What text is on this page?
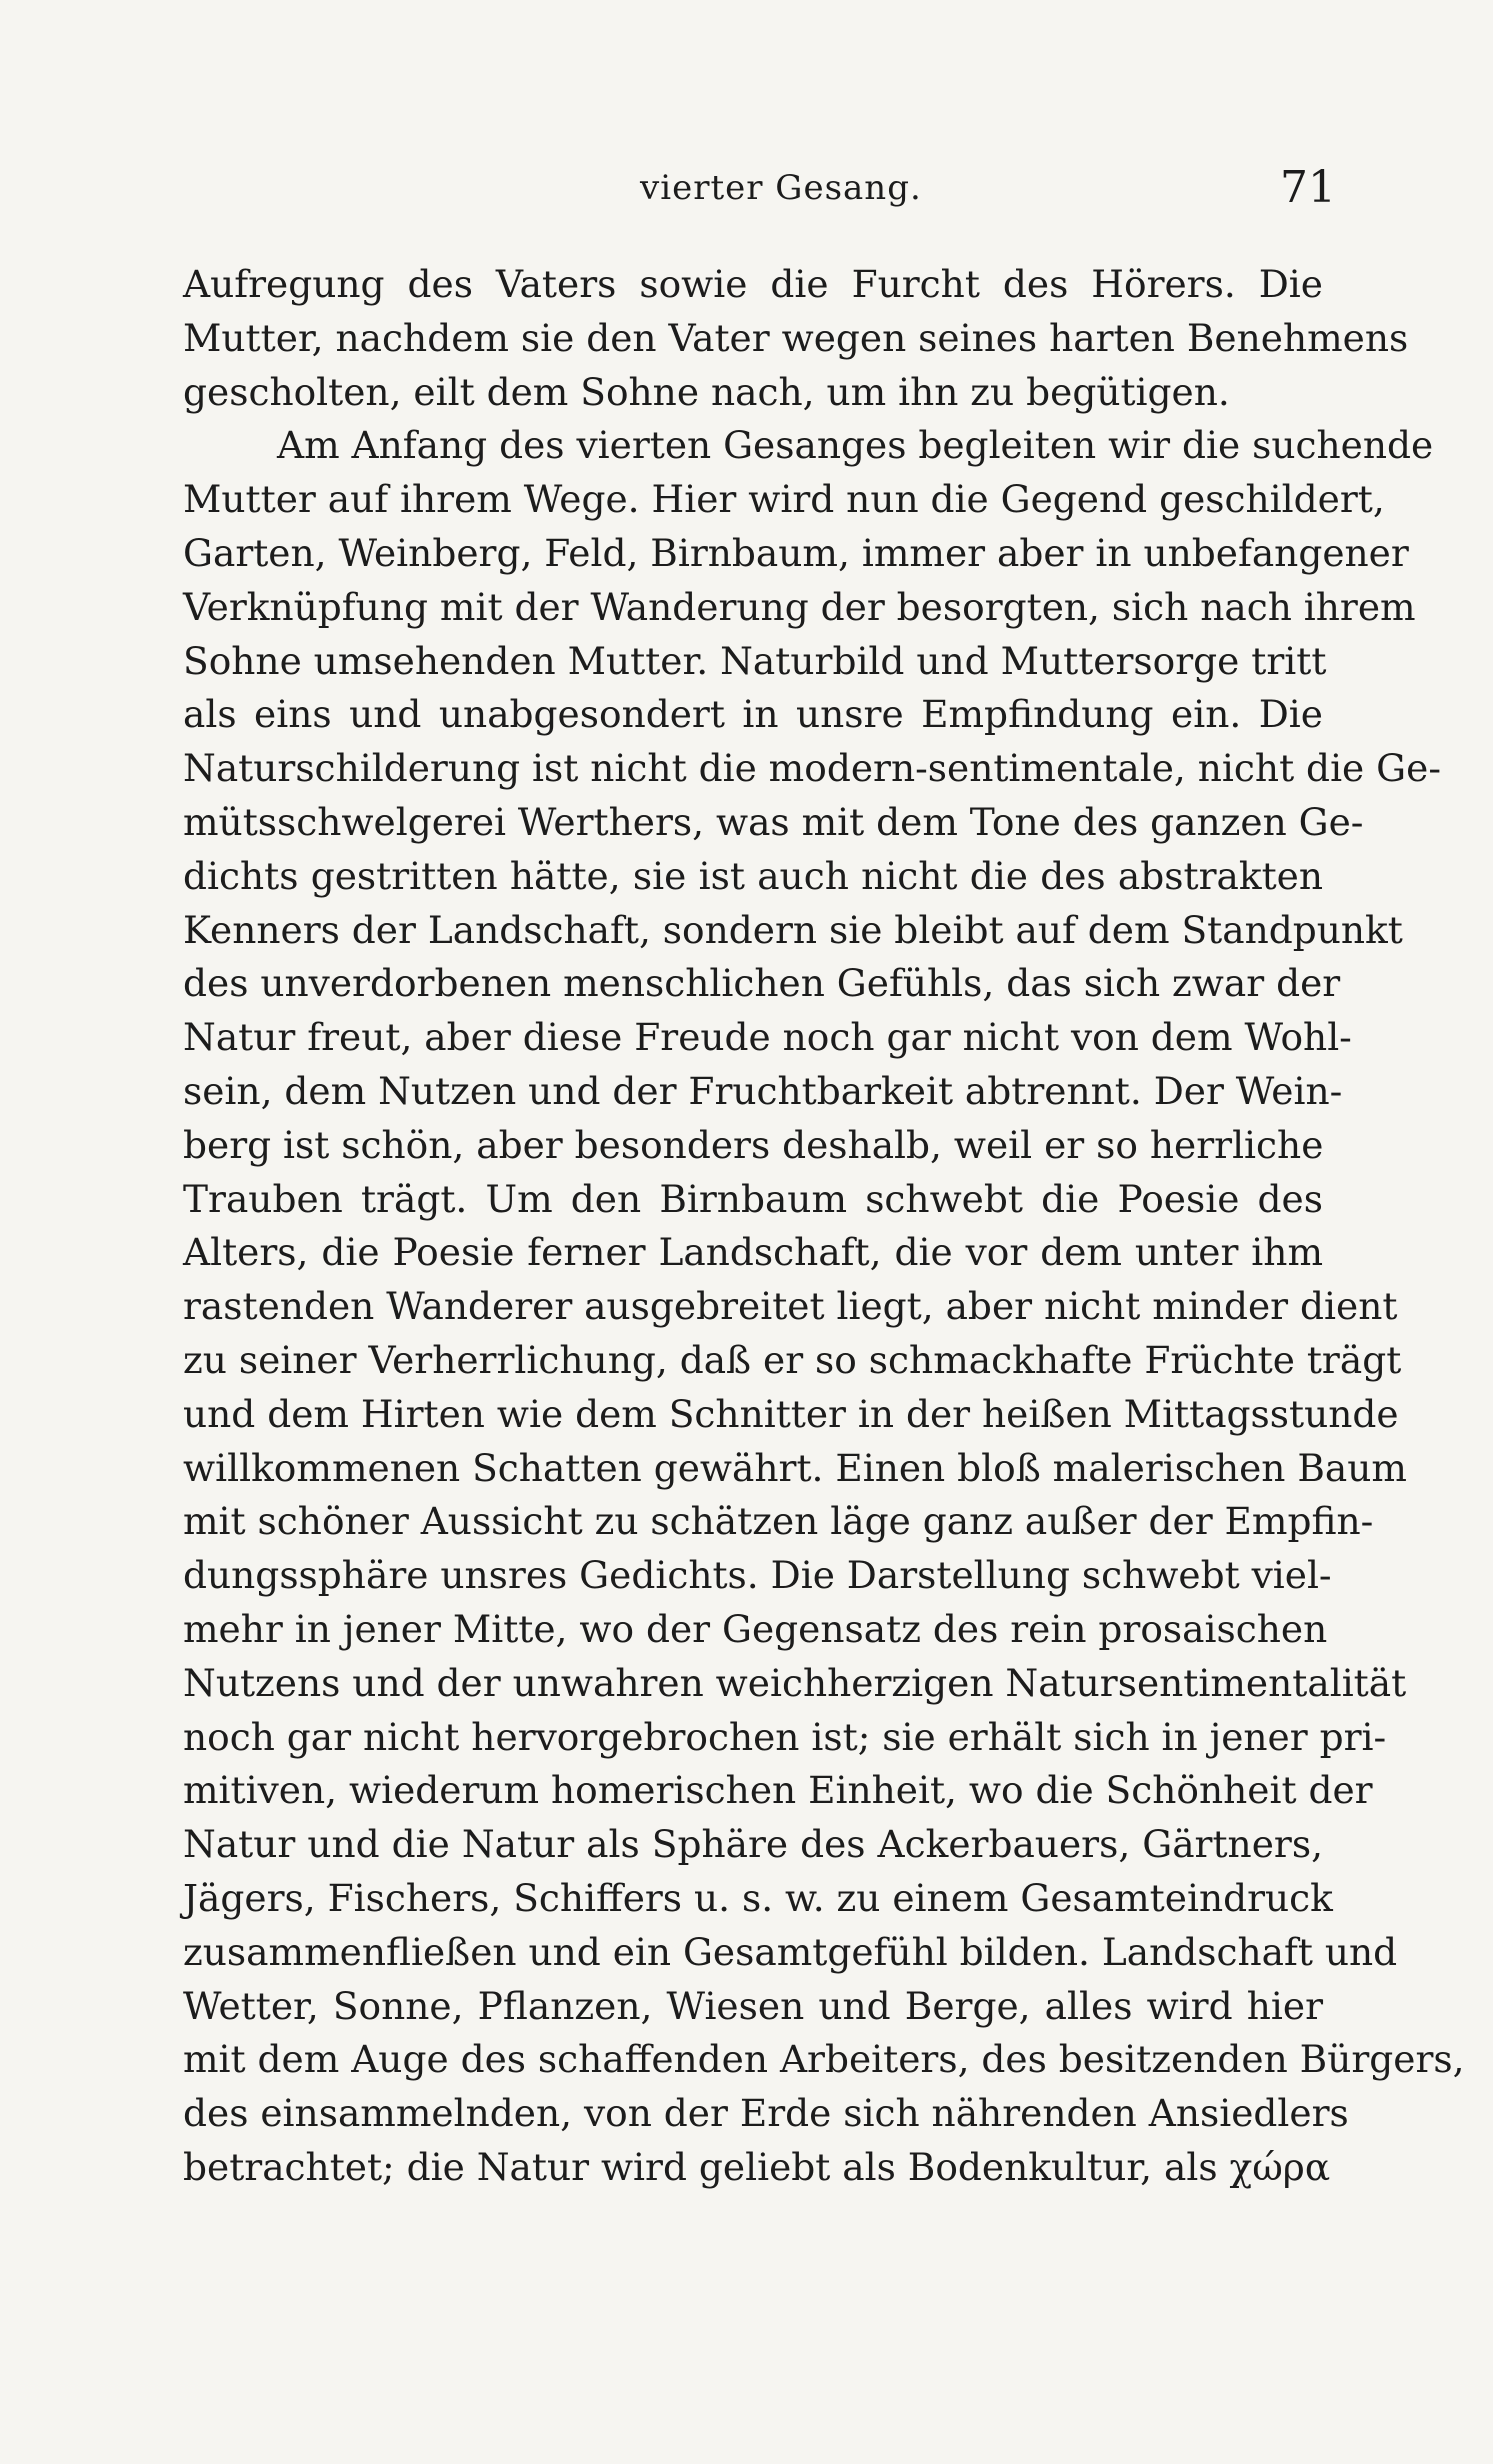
vierter Gesang.	71
Aufregung des Vaters sowie die Furcht des Hörers. Die
Mutter, nachdem sie den Vater wegen seines harten Benehmens
gescholten, eilt dem Sohne nach, um ihn zu begütigen.
Am Anfang des vierten Gesanges begleiten wir die suchende
Mutter auf ihrem Wege. Hier wird nun die Gegend geschildert,
Garten, Weinberg, Feld, Birnbaum, immer aber in unbefangener
Verknüpfung mit der Wanderung der besorgten, sich nach ihrem
Sohne umsehenden Mutter. Naturbild und Muttersorge tritt
als eins und unabgesondert in unsre Empfindung ein. Die
Naturschilderung ist nicht die modern-sentimentale, nicht die Ge-
mütsschwelgerei Werthers, was mit dem Tone des ganzen Ge-
dichts gestritten hätte, sie ist auch nicht die des abstrakten
Kenners der Landschaft, sondern sie bleibt auf dem Standpunkt
des unverdorbenen menschlichen Gefühls, das sich zwar der
Natur freut, aber diese Freude noch gar nicht von dem Wohl-
sein, dem Nutzen und der Fruchtbarkeit abtrennt. Der Wein-
berg ist schön, aber besonders deshalb, weil er so herrliche
Trauben trägt. Um den Birnbaum schwebt die Poesie des
Alters, die Poesie ferner Landschaft, die vor dem unter ihm
rastenden Wanderer ausgebreitet liegt, aber nicht minder dient
zu seiner Verherrlichung, daß er so schmackhafte Früchte trägt
und dem Hirten wie dem Schnitter in der heißen Mittagsstunde
willkommenen Schatten gewährt. Einen bloß malerischen Baum
mit schöner Aussicht zu schätzen läge ganz außer der Empfin-
dungssphäre unsres Gedichts. Die Darstellung schwebt viel-
mehr in jener Mitte, wo der Gegensatz des rein prosaischen
Nutzens und der unwahren weichherzigen Natursentimentalität
noch gar nicht hervorgebrochen ist; sie erhält sich in jener pri-
mitiven, wiederum homerischen Einheit, wo die Schönheit der
Natur und die Natur als Sphäre des Ackerbauers, Gärtners,
Jägers, Fischers, Schiffers u. s. w. zu einem Gesamteindruck
zusammenfließen und ein Gesamtgefühl bilden. Landschaft und
Wetter, Sonne, Pflanzen, Wiesen und Berge, alles wird hier
mit dem Auge des schaffenden Arbeiters, des besitzenden Bürgers,
des einsammelnden, von der Erde sich nährenden Ansiedlers
betrachtet; die Natur wird geliebt als Bodenkultur, als χώρα
